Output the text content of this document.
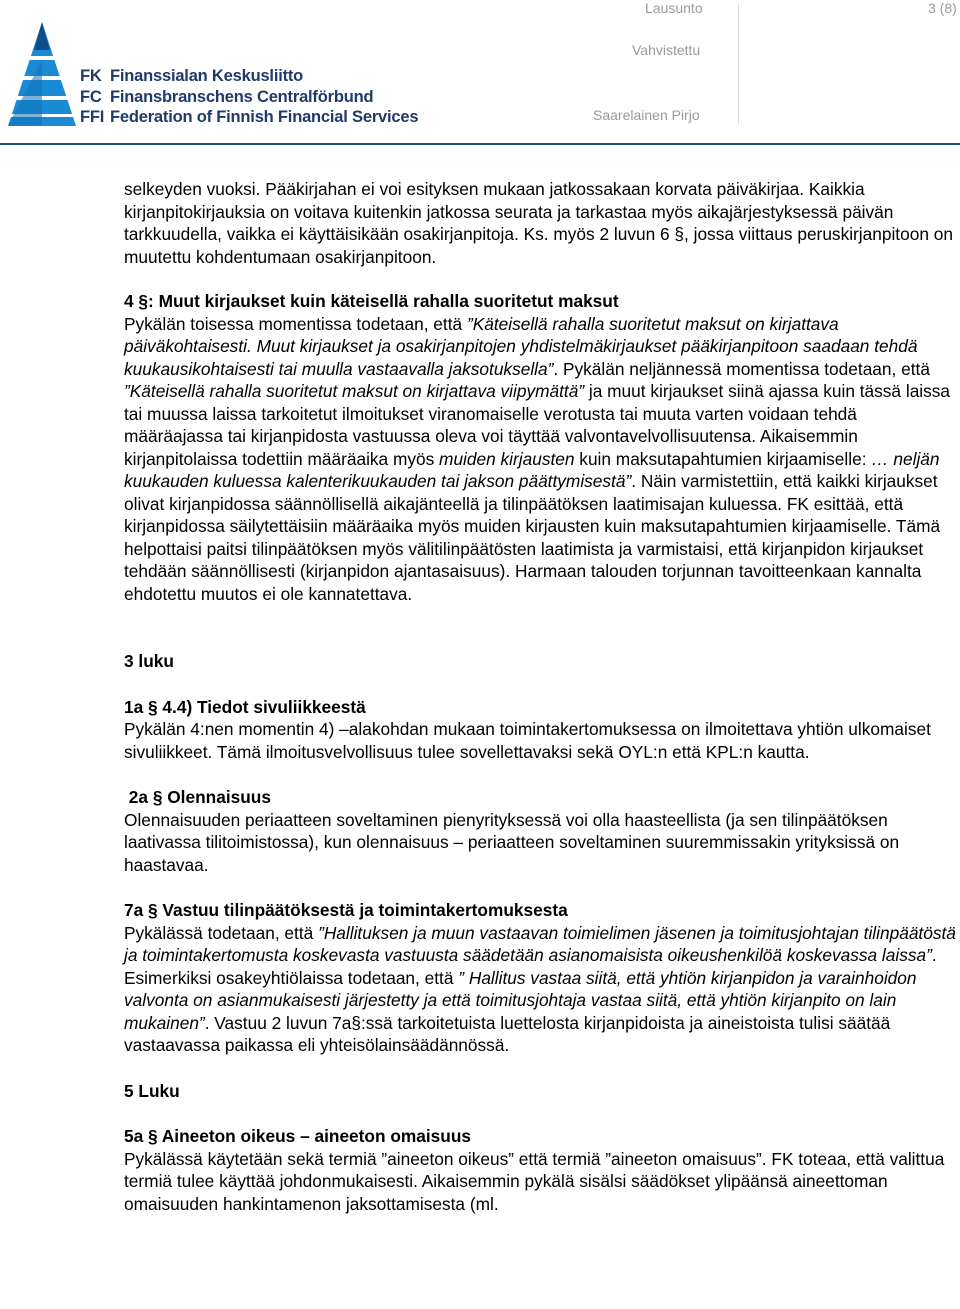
FK Finanssialan Keskusliitto
FC Finansbranschens Centralförbund
FFI Federation of Finnish Financial Services
Lausunto	3 (8)
Vahvistettu
Saarelainen Pirjo

selkeyden vuoksi. Pääkirjahan ei voi esityksen mukaan jatkossakaan korvata päiväkirjaa. Kaikkia kirjanpitokirjauksia on voitava kuitenkin jatkossa seurata ja tarkastaa myös aikajärjestyksessä päivän tarkkuudella, vaikka ei käyttäisikään osakirjanpitoja. Ks. myös 2 luvun 6 §, jossa viittaus peruskirjanpitoon on muutettu kohdentumaan osakirjanpitoon.

4 §: Muut kirjaukset kuin käteisellä rahalla suoritetut maksut

Pykälän toisessa momentissa todetaan, että ”Käteisellä rahalla suoritetut maksut on kirjattava päiväkohtaisesti. Muut kirjaukset ja osakirjanpitojen yhdistelmäkirjaukset pääkirjanpitoon saadaan tehdä kuukausikohtaisesti tai muulla vastaavalla jaksotuksella”. Pykälän neljännessä momentissa todetaan, että ”Käteisellä rahalla suoritetut maksut on kirjattava viipymättä” ja muut kirjaukset siinä ajassa kuin tässä laissa tai muussa laissa tarkoitetut ilmoitukset viranomaiselle verotusta tai muuta varten voidaan tehdä määräajassa tai kirjanpidosta vastuussa oleva voi täyttää valvontavelvollisuutensa. Aikaisemmin kirjanpitolaissa todettiin määräaika myös muiden kirjausten kuin maksutapahtumien kirjaamiselle: … neljän kuukauden kuluessa kalenterikuukauden tai jakson päättymisestä”. Näin varmistettiin, että kaikki kirjaukset olivat kirjanpidossa säännöllisellä aikajänteellä ja tilinpäätöksen laatimisajan kuluessa. FK esittää, että kirjanpidossa säilytettäisiin määräaika myös muiden kirjausten kuin maksutapahtumien kirjaamiselle. Tämä helpottaisi paitsi tilinpäätöksen myös välitilinpäätösten laatimista ja varmistaisi, että kirjanpidon kirjaukset tehdään säännöllisesti (kirjanpidon ajantasaisuus). Harmaan talouden torjunnan tavoitteenkaan kannalta ehdotettu muutos ei ole kannatettava.

3 luku

1a § 4.4) Tiedot sivuliikkeestä

Pykälän 4:nen momentin 4) –alakohdan mukaan toimintakertomuksessa on ilmoitettava yhtiön ulkomaiset sivuliikkeet. Tämä ilmoitusvelvollisuus tulee sovellettavaksi sekä OYL:n että KPL:n kautta.

2a § Olennaisuus

Olennaisuuden periaatteen soveltaminen pienyrityksessä voi olla haasteellista (ja sen tilinpäätöksen laativassa tilitoimistossa), kun olennaisuus – periaatteen soveltaminen suuremmissakin yrityksissä on haastavaa.

7a § Vastuu tilinpäätöksestä ja toimintakertomuksesta

Pykälässä todetaan, että ”Hallituksen ja muun vastaavan toimielimen jäsenen ja toimitusjohtajan tilinpäätöstä ja toimintakertomusta koskevasta vastuusta säädetään asianomaisista oikeushenkilöä koskevassa laissa”. Esimerkiksi osakeyhtiölaissa todetaan, että ” Hallitus vastaa siitä, että yhtiön kirjanpidon ja varainhoidon valvonta on asianmukaisesti järjestetty ja että toimitusjohtaja vastaa siitä, että yhtiön kirjanpito on lain mukainen”. Vastuu 2 luvun 7a§:ssä tarkoitetuista luettelosta kirjanpidoista ja aineistoista tulisi säätää vastaavassa paikassa eli yhteisölainsäädännössä.

5 Luku

5a § Aineeton oikeus – aineeton omaisuus

Pykälässä käytetään sekä termiä ”aineeton oikeus” että termiä ”aineeton omaisuus”. FK toteaa, että valittua termiä tulee käyttää johdonmukaisesti. Aikaisemmin pykälä sisälsi säädökset ylipäänsä aineettoman omaisuuden hankintamenon jaksottamisesta (ml.
